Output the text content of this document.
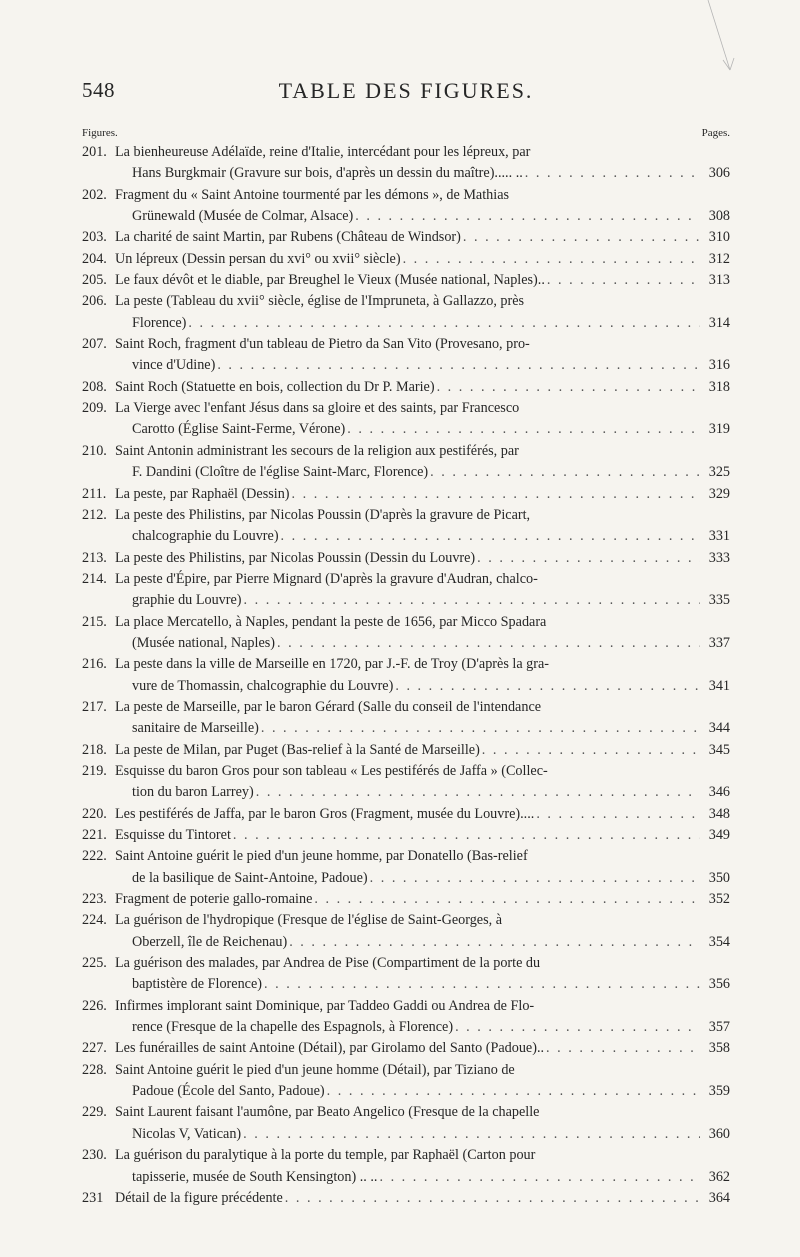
548	TABLE DES FIGURES.
Figures.	Pages.
201. La bienheureuse Adélaïde, reine d'Italie, intercédant pour les lépreux, par
Hans Burgkmair (Gravure sur bois, d'après un dessin du maître)..... .. . . .	306
202. Fragment du « Saint Antoine tourmenté par les démons », de Mathias
Grünewald (Musée de Colmar, Alsace) . . .	308
203. La charité de saint Martin, par Rubens (Château de Windsor) . . .	310
204. Un lépreux (Dessin persan du xvi° ou xvii° siècle) . . .	312
205. Le faux dévôt et le diable, par Breughel le Vieux (Musée national, Naples).. . . .	313
206. La peste (Tableau du xvii° siècle, église de l'Impruneta, à Gallazzo, près
Florence) . . .	314
207. Saint Roch, fragment d'un tableau de Pietro da San Vito (Provesano, pro-
vince d'Udine) . . .	316
208. Saint Roch (Statuette en bois, collection du Dr P. Marie) . . .	318
209. La Vierge avec l'enfant Jésus dans sa gloire et des saints, par Francesco
Carotto (Église Saint-Ferme, Vérone) . . .	319
210. Saint Antonin administrant les secours de la religion aux pestiférés, par
F. Dandini (Cloître de l'église Saint-Marc, Florence) . . .	325
211. La peste, par Raphaël (Dessin) . . .	329
212. La peste des Philistins, par Nicolas Poussin (D'après la gravure de Picart,
chalcographie du Louvre) . . .	331
213. La peste des Philistins, par Nicolas Poussin (Dessin du Louvre) . . .	333
214. La peste d'Épire, par Pierre Mignard (D'après la gravure d'Audran, chalco-
graphie du Louvre) . . .	335
215. La place Mercatello, à Naples, pendant la peste de 1656, par Micco Spadara
(Musée national, Naples) . . .	337
216. La peste dans la ville de Marseille en 1720, par J.-F. de Troy (D'après la gra-
vure de Thomassin, chalcographie du Louvre) . . .	341
217. La peste de Marseille, par le baron Gérard (Salle du conseil de l'intendance
sanitaire de Marseille) . . .	344
218. La peste de Milan, par Puget (Bas-relief à la Santé de Marseille) . . .	345
219. Esquisse du baron Gros pour son tableau « Les pestiférés de Jaffa » (Collec-
tion du baron Larrey) . . .	346
220. Les pestiférés de Jaffa, par le baron Gros (Fragment, musée du Louvre).... . . .	348
221. Esquisse du Tintoret . . .	349
222. Saint Antoine guérit le pied d'un jeune homme, par Donatello (Bas-relief
de la basilique de Saint-Antoine, Padoue) . . .	350
223. Fragment de poterie gallo-romaine . . .	352
224. La guérison de l'hydropique (Fresque de l'église de Saint-Georges, à
Oberzell, île de Reichenau) . . .	354
225. La guérison des malades, par Andrea de Pise (Compartiment de la porte du
baptistère de Florence) . . .	356
226. Infirmes implorant saint Dominique, par Taddeo Gaddi ou Andrea de Flo-
rence (Fresque de la chapelle des Espagnols, à Florence) . . .	357
227. Les funérailles de saint Antoine (Détail), par Girolamo del Santo (Padoue).. . . .	358
228. Saint Antoine guérit le pied d'un jeune homme (Détail), par Tiziano de
Padoue (École del Santo, Padoue) . . .	359
229. Saint Laurent faisant l'aumône, par Beato Angelico (Fresque de la chapelle
Nicolas V, Vatican) . . .	360
230. La guérison du paralytique à la porte du temple, par Raphaël (Carton pour
tapisserie, musée de South Kensington) .. .. . . .	362
231 Détail de la figure précédente . . .	364
